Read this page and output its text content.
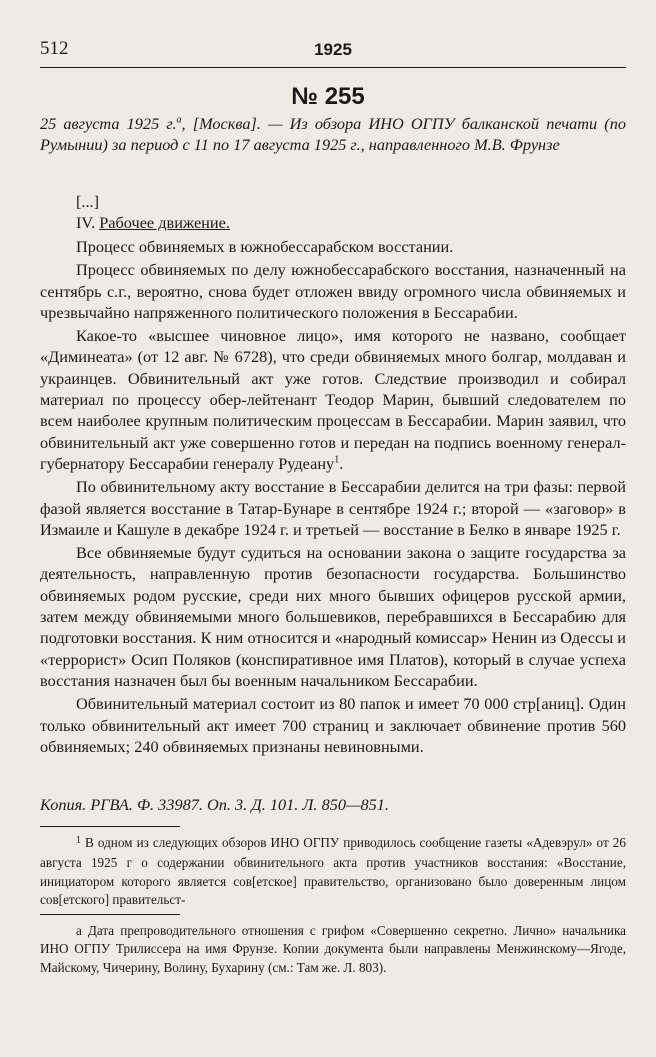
512	1925
№ 255
25 августа 1925 г.$^а$, [Москва]. — Из обзора ИНО ОГПУ балканской печати (по Румынии) за период с 11 по 17 августа 1925 г., направленного М.В. Фрунзе
[...]
IV. Рабочее движение.

Процесс обвиняемых в южнобессарабском восстании.

Процесс обвиняемых по делу южнобессарабского восстания, назначенный на сентябрь с.г., вероятно, снова будет отложен ввиду огромного числа обвиняемых и чрезвычайно напряженного политического положения в Бессарабии.

Какое-то «высшее чиновное лицо», имя которого не названо, сообщает «Диминеата» (от 12 авг. № 6728), что среди обвиняемых много болгар, молдаван и украинцев. Обвинительный акт уже готов. Следствие производил и собирал материал по процессу обер-лейтенант Теодор Марин, бывший следователем по всем наиболее крупным политическим процессам в Бессарабии. Марин заявил, что обвинительный акт уже совершенно готов и передан на подпись военному генерал-губернатору Бессарабии генералу Рудеану$^1$.

По обвинительному акту восстание в Бессарабии делится на три фазы: первой фазой является восстание в Татар-Бунаре в сентябре 1924 г.; второй — «заговор» в Измаиле и Кашуле в декабре 1924 г. и третьей — восстание в Белко в январе 1925 г.

Все обвиняемые будут судиться на основании закона о защите государства за деятельность, направленную против безопасности государства. Большинство обвиняемых родом русские, среди них много бывших офицеров русской армии, затем между обвиняемыми много большевиков, перебравшихся в Бессарабию для подготовки восстания. К ним относится и «народный комиссар» Ненин из Одессы и «террорист» Осип Поляков (конспиративное имя Платов), который в случае успеха восстания назначен был бы военным начальником Бессарабии.

Обвинительный материал состоит из 80 папок и имеет 70 000 стр[аниц]. Один только обвинительный акт имеет 700 страниц и заключает обвинение против 560 обвиняемых; 240 обвиняемых признаны невиновными.

Копия. РГВА. Ф. 33987. Оп. 3. Д. 101. Л. 850—851.
$^1$ В одном из следующих обзоров ИНО ОГПУ приводилось сообщение газеты «Адевэрул» от 26 августа 1925 г о содержании обвинительного акта против участников восстания: «Восстание, инициатором которого является сов[етское] правительство, организовано было доверенным лицом сов[етского] правительст-
а Дата препроводительного отношения с грифом «Совершенно секретно. Лично» начальника ИНО ОГПУ Трилиссера на имя Фрунзе. Копии документа были направлены Менжинскому—Ягоде, Майскому, Чичерину, Волину, Бухарину (см.: Там же. Л. 803).
